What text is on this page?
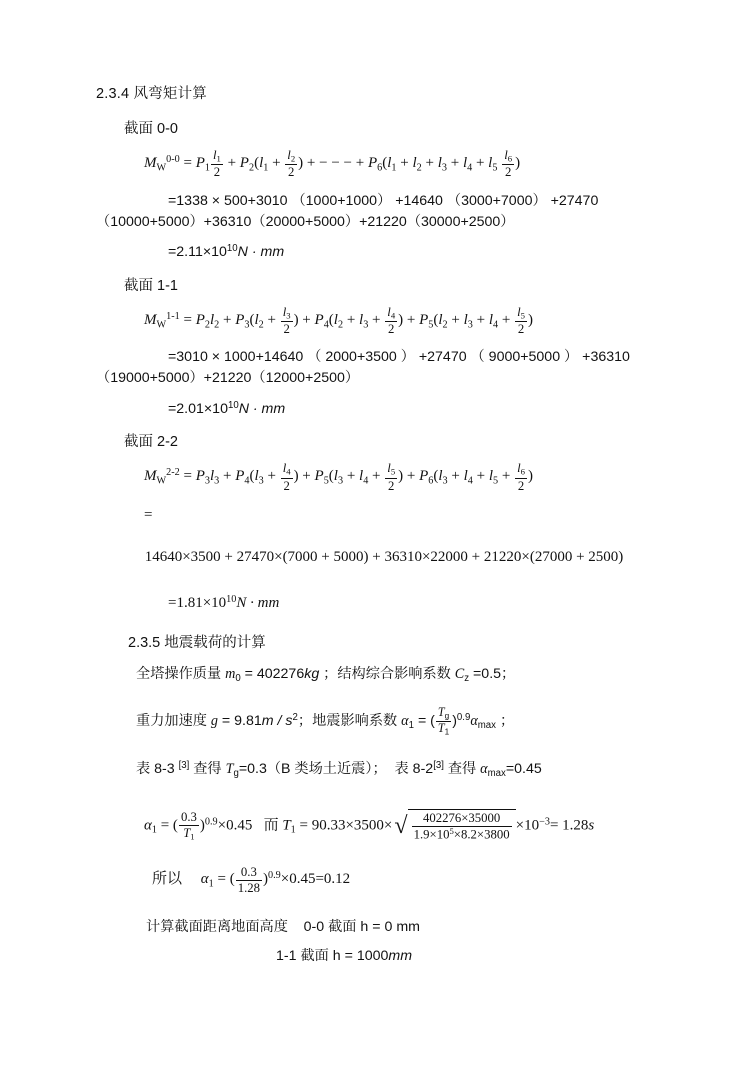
2.3.4 风弯矩计算
截面 0-0
$M_W^{0-0} = P_1 \frac{l_1}{2} + P_2(l_1 + \frac{l_2}{2}$ ) + − − − + $P_6(l_1 + l_2 + l_3 + l_4 + l_5 \frac{l_6}{2}$ )
=1338 × 500+3010 （1000+1000） +14640 （3000+7000） +27470
（10000+5000）+36310（20000+5000）+21220（30000+2500）
$=2.11\times 10^{10}N$ · mm
截面 1-1
$M_W^{1-1} = P_2l_2 + P_3(l_2 + \frac{l_3}{2}$ ) + $P_4(l_2 + l_3 + \frac{l_4}{2}$ ) + $P_5(l_2 + l_3 + l_4 + \frac{l_5}{2}$ )
=3010 × 1000+14640 （ 2000+3500 ） +27470 （ 9000+5000 ） +36310
（19000+5000）+21220（12000+2500）
$=2.01\times 10^{10}N$ · mm
截面 2-2
$M_W^{2-2} = P_3l_3 + P_4(l_3 + \frac{l_4}{2}$ ) + $P_5(l_3 + l_4 + \frac{l_5}{2}$ ) + $P_6(l_3 + l_4 + l_5 + \frac{l_6}{2}$ )
=
14640×3500 + 27470×(7000 + 5000) + 36310×22000 + 21220×(27000 + 2500)
$=1.81\times 10^{10}N$ · mm
2.3.5 地震载荷的计算
全塔操作质量 $m_0 = 402276kg$ ；结构综合影响系数 $C_z =0.5$；
重力加速度 $g = 9.81m / s^2$；地震影响系数 $\alpha_1$ = ( $\frac{T_g}{T_1} )^{0.9}\alpha_{max}$ ；
表 8-3 [3] 查得 $T_g=0.3(B$ 类场土近震）； 表 8-2[3] 查得 $\alpha_{max}=0.45$
$\alpha_1$ = ( $\frac{0.3}{T_1} )^{0.9}\times 0.45$   而 $T_1 = 90.33\times 3500\times√ \frac{402276\times 35000}{1.9\times 10^5\times 8.2\times 3800} \times 10^{-3}= 1.28s$
所以 $\alpha_1$ = ( $\frac{0.3}{1.28} )^{0.9}\times 0.45=0.12$
计算截面距离地面高度 0-0 截面 h = 0 mm
1-1 截面 h = 1000mm
